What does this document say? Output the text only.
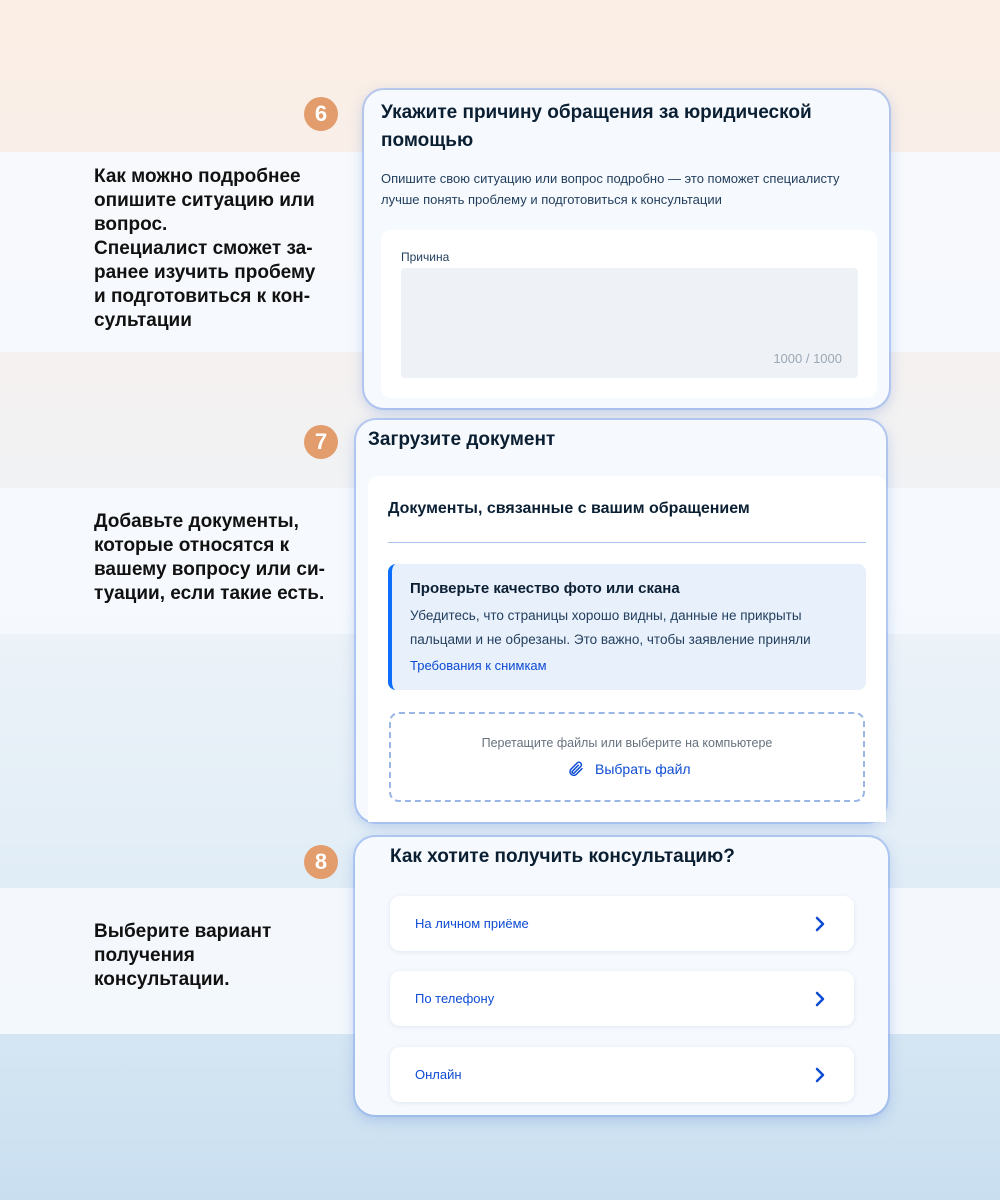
6
Как можно подробнее
опишите ситуацию или
вопрос.
Специалист сможет за-
ранее изучить пробему
и подготовиться к кон-
сультации
Укажите причину обращения за юридической помощью
Опишите свою ситуацию или вопрос подробно — это поможет специалисту лучше понять проблему и подготовиться к консультации
Причина
1000 / 1000
7
Добавьте документы,
которые относятся к
вашему вопросу или си-
туации, если такие есть.
Загрузите документ
Документы, связанные с вашим обращением
Проверьте качество фото или скана
Убедитесь, что страницы хорошо видны, данные не прикрыты пальцами и не обрезаны. Это важно, чтобы заявление приняли
Требования к снимкам
Перетащите файлы или выберите на компьютере
Выбрать файл
8
Выберите вариант
получения
консультации.
Как хотите получить консультацию?
На личном приёме
По телефону
Онлайн
